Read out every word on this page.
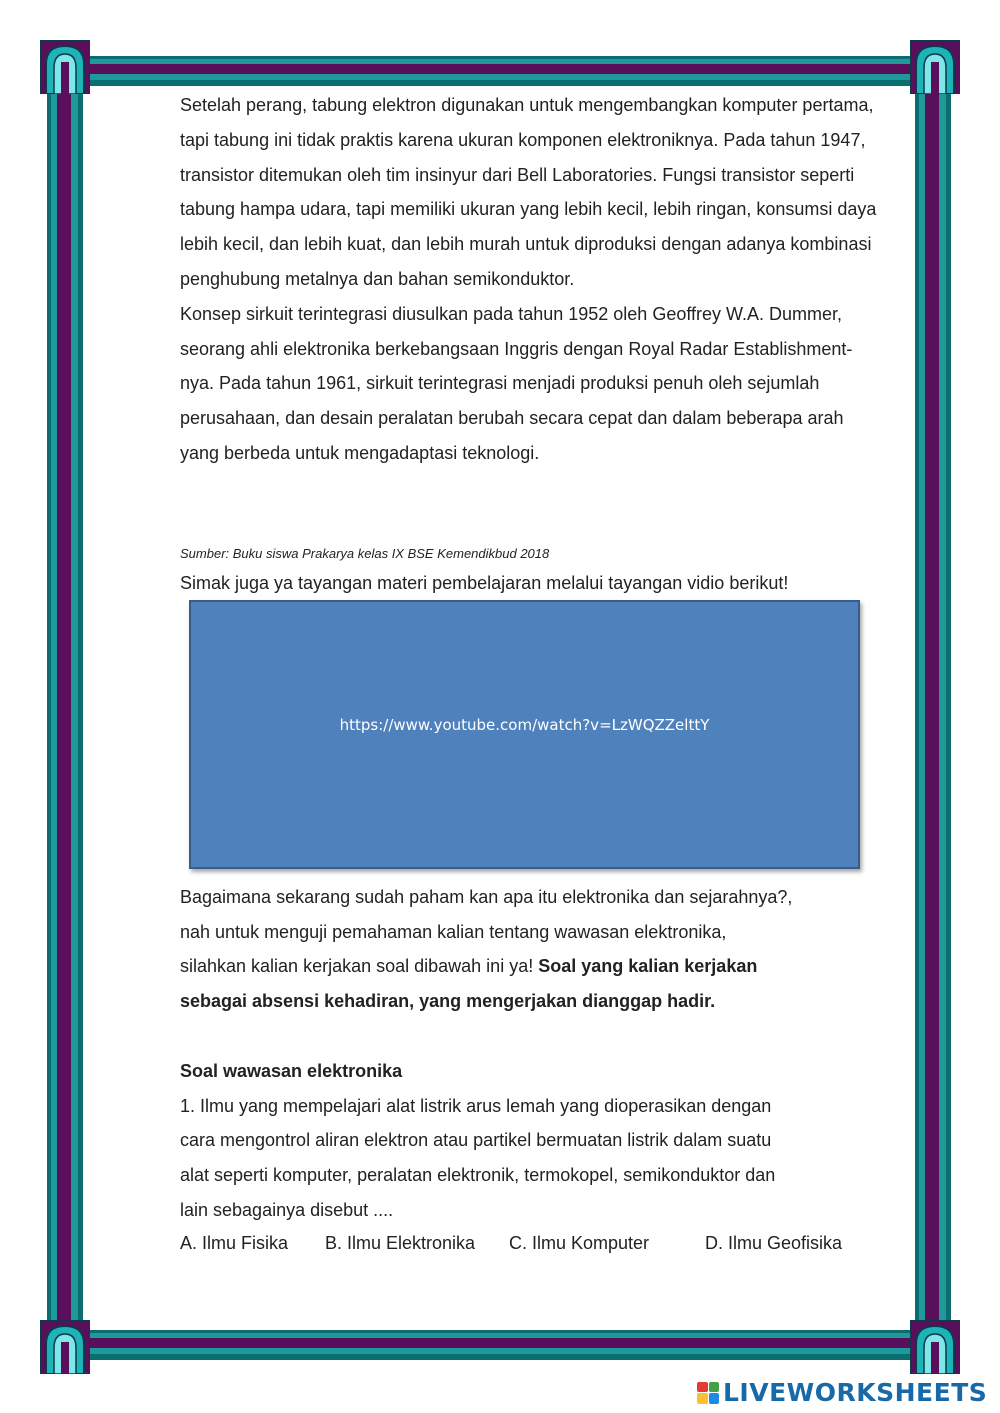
Setelah perang, tabung elektron digunakan untuk mengembangkan komputer pertama, tapi tabung ini tidak praktis karena ukuran komponen elektroniknya. Pada tahun 1947, transistor ditemukan oleh tim insinyur dari Bell Laboratories. Fungsi transistor seperti tabung hampa udara, tapi memiliki ukuran yang lebih kecil, lebih ringan, konsumsi daya lebih kecil, dan lebih kuat, dan lebih murah untuk diproduksi dengan adanya kombinasi penghubung metalnya dan bahan semikonduktor.

Konsep sirkuit terintegrasi diusulkan pada tahun 1952 oleh Geoffrey W.A. Dummer, seorang ahli elektronika berkebangsaan Inggris dengan Royal Radar Establishment-nya. Pada tahun 1961, sirkuit terintegrasi menjadi produksi penuh oleh sejumlah perusahaan, dan desain peralatan berubah secara cepat dan dalam beberapa arah yang berbeda untuk mengadaptasi teknologi.

Sumber: Buku siswa Prakarya kelas IX BSE Kemendikbud 2018
Simak juga ya tayangan materi pembelajaran melalui tayangan vidio berikut!
https://www.youtube.com/watch?v=LzWQZZelttY
Bagaimana sekarang sudah paham kan apa itu elektronika dan sejarahnya?,
nah untuk menguji pemahaman kalian tentang wawasan elektronika,
silahkan kalian kerjakan soal dibawah ini ya! Soal yang kalian kerjakan
sebagai absensi kehadiran, yang mengerjakan dianggap hadir.
Soal wawasan elektronika
1. Ilmu yang mempelajari alat listrik arus lemah yang dioperasikan dengan
cara mengontrol aliran elektron atau partikel bermuatan listrik dalam suatu
alat seperti komputer, peralatan elektronik, termokopel, semikonduktor dan
lain sebagainya disebut ....
A. Ilmu Fisika B. Ilmu Elektronika C. Ilmu Komputer	D. Ilmu Geofisika
LIVEWORKSHEETS
